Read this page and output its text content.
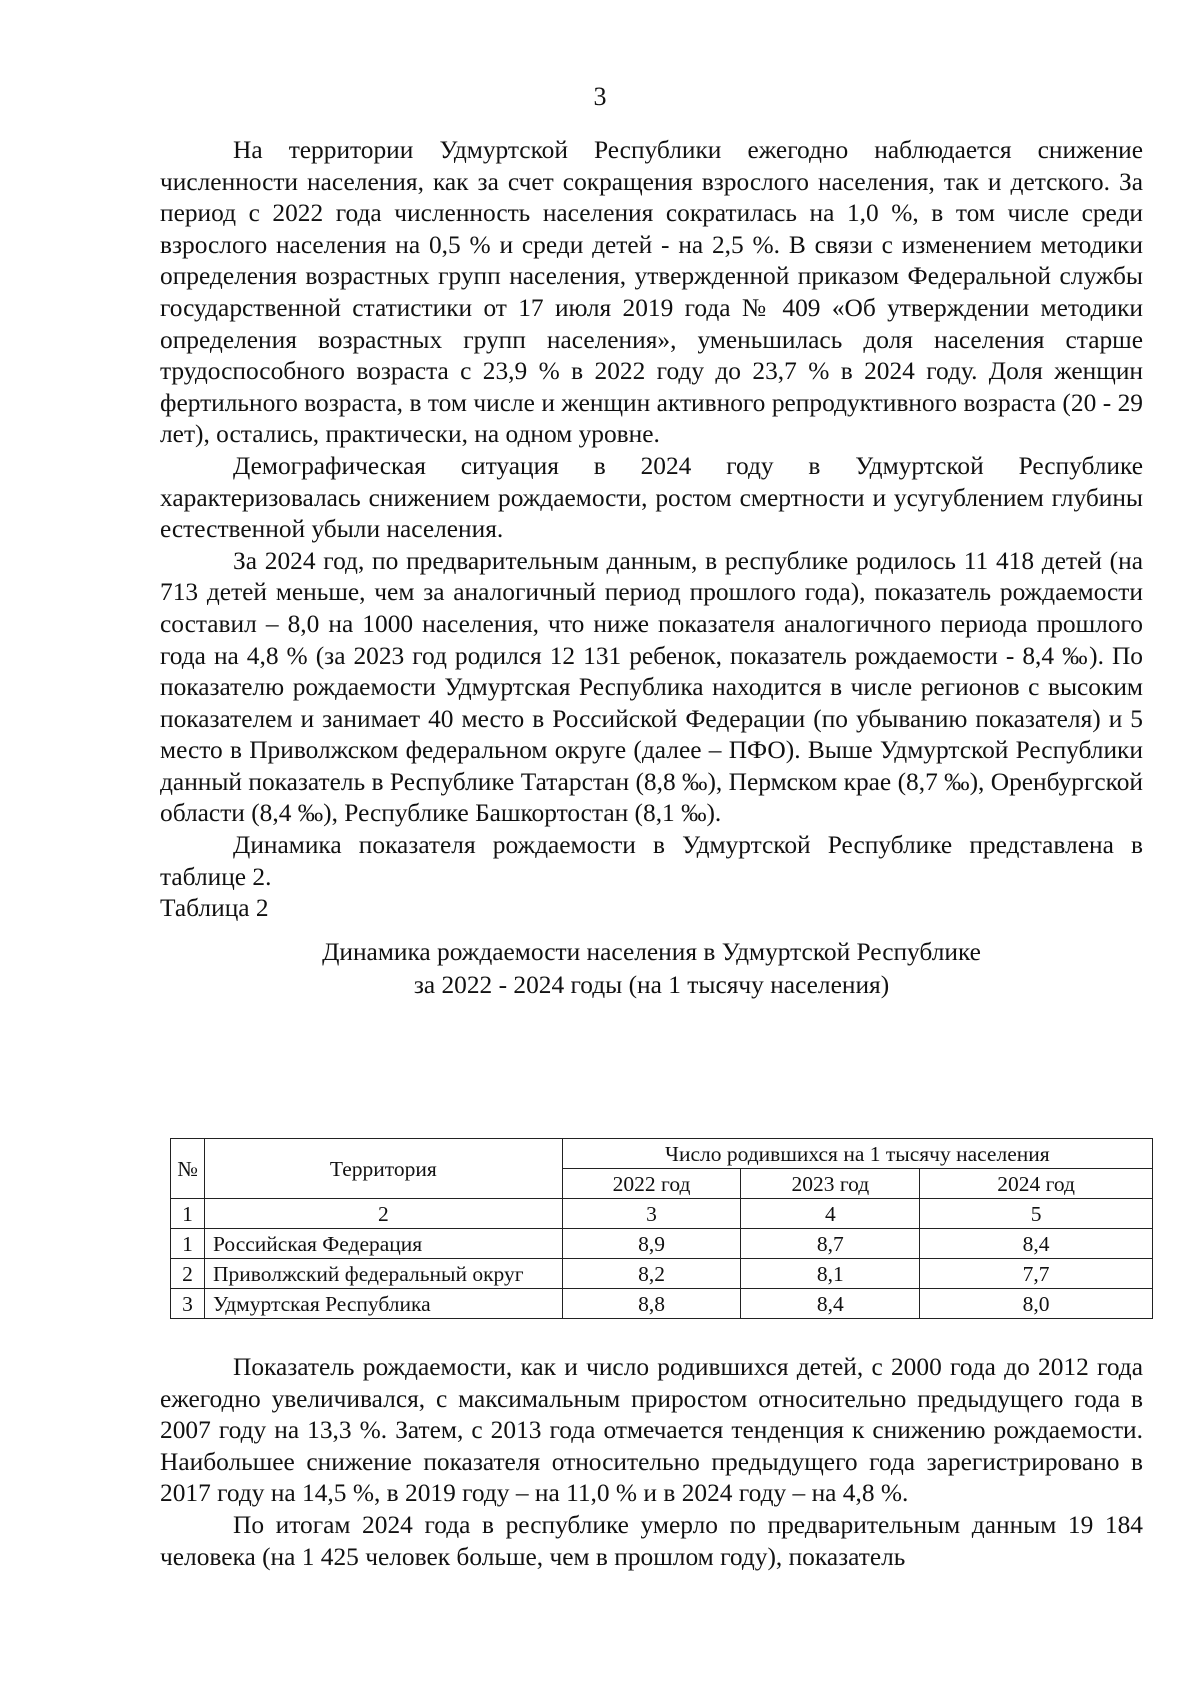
3

На территории Удмуртской Республики ежегодно наблюдается снижение численности населения, как за счет сокращения взрослого населения, так и детского. За период с 2022 года численность населения сократилась на 1,0 %, в том числе среди взрослого населения на 0,5 % и среди детей - на 2,5 %. В связи с изменением методики определения возрастных групп населения, утвержденной приказом Федеральной службы государственной статистики от 17 июля 2019 года № 409 «Об утверждении методики определения возрастных групп населения», уменьшилась доля населения старше трудоспособного возраста с 23,9 % в 2022 году до 23,7 % в 2024 году. Доля женщин фертильного возраста, в том числе и женщин активного репродуктивного возраста (20 - 29 лет), остались, практически, на одном уровне.

Демографическая ситуация в 2024 году в Удмуртской Республике характеризовалась снижением рождаемости, ростом смертности и усугублением глубины естественной убыли населения.

За 2024 год, по предварительным данным, в республике родилось 11 418 детей (на 713 детей меньше, чем за аналогичный период прошлого года), показатель рождаемости составил – 8,0 на 1000 населения, что ниже показателя аналогичного периода прошлого года на 4,8 % (за 2023 год родился 12 131 ребенок, показатель рождаемости - 8,4 ‰). По показателю рождаемости Удмуртская Республика находится в числе регионов с высоким показателем и занимает 40 место в Российской Федерации (по убыванию показателя) и 5 место в Приволжском федеральном округе (далее – ПФО). Выше Удмуртской Республики данный показатель в Республике Татарстан (8,8 ‰), Пермском крае (8,7 ‰), Оренбургской области (8,4 ‰), Республике Башкортостан (8,1 ‰).

Динамика показателя рождаемости в Удмуртской Республике представлена в таблице 2.

Таблица 2

Динамика рождаемости населения в Удмуртской Республике
за 2022 - 2024 годы (на 1 тысячу населения)
№	Территория	Число родившихся на 1 тысячу населения		
		2022 год	2023 год	2024 год
1	2	3	4	5
1	Российская Федерация	8,9	8,7	8,4
2	Приволжский федеральный округ	8,2	8,1	7,7
3	Удмуртская Республика	8,8	8,4	8,0

Показатель рождаемости, как и число родившихся детей, с 2000 года до 2012 года ежегодно увеличивался, с максимальным приростом относительно предыдущего года в 2007 году на 13,3 %. Затем, с 2013 года отмечается тенденция к снижению рождаемости. Наибольшее снижение показателя относительно предыдущего года зарегистрировано в 2017 году на 14,5 %, в 2019 году – на 11,0 % и в 2024 году – на 4,8 %.

По итогам 2024 года в республике умерло по предварительным данным 19 184 человека (на 1 425 человек больше, чем в прошлом году), показатель
